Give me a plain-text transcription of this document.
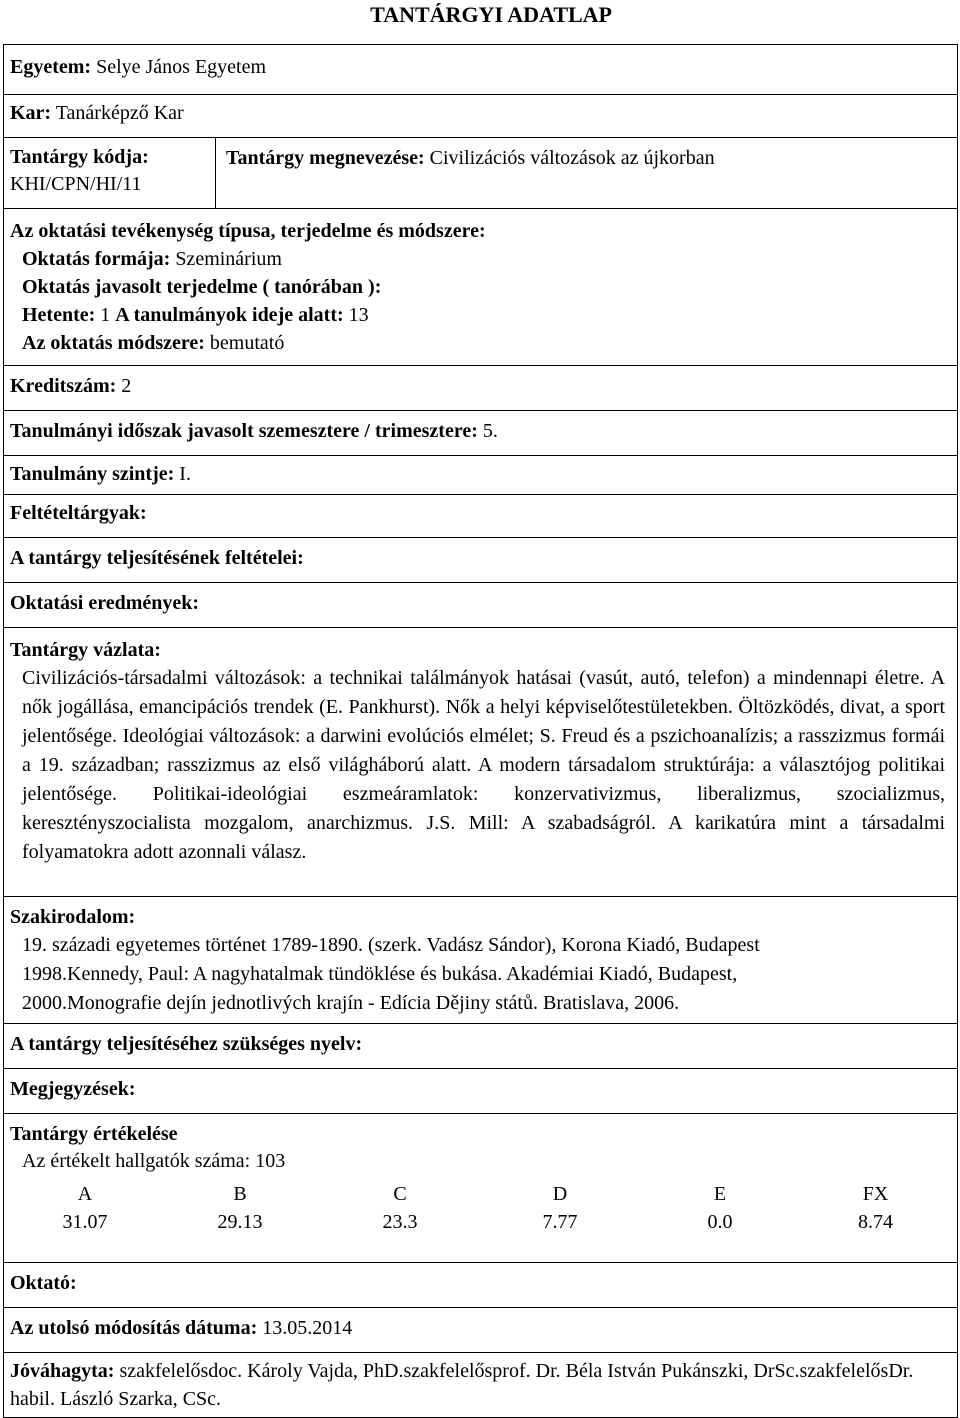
TANTÁRGYI ADATLAP
Egyetem: Selye János Egyetem
Kar: Tanárképző Kar
Tantárgy kódja:
KHI/CPN/HI/11	Tantárgy megnevezése: Civilizációs változások az újkorban
Az oktatási tevékenység típusa, terjedelme és módszere:

Oktatás formája: Szeminárium
Oktatás javasolt terjedelme ( tanórában ):
Hetente: 1 A tanulmányok ideje alatt: 13
Az oktatás módszere: bemutató

Kreditszám: 2
Tanulmányi időszak javasolt szemesztere / trimesztere: 5.
Tanulmány szintje: I.
Feltételtárgyak:
A tantárgy teljesítésének feltételei:
Oktatási eredmények:
Tantárgy vázlata:
Civilizációs-társadalmi változások: a technikai találmányok hatásai (vasút, autó, telefon) a mindennapi életre. A nők jogállása, emancipációs trendek (E. Pankhurst). Nők a helyi képviselőtestületekben. Öltözködés, divat, a sport jelentősége. Ideológiai változások: a darwini evolúciós elmélet; S. Freud és a pszichoanalízis; a rasszizmus formái a 19. században; rasszizmus az első világháború alatt. A modern társadalom struktúrája: a választójog politikai jelentősége. Politikai-ideológiai eszmeáramlatok: konzervativizmus, liberalizmus, szocializmus, keresztényszocialista mozgalom, anarchizmus. J.S. Mill: A szabadságról. A karikatúra mint a társadalmi folyamatokra adott azonnali válasz.

Szakirodalom:
19. századi egyetemes történet 1789-1890. (szerk. Vadász Sándor), Korona Kiadó, Budapest
1998.Kennedy, Paul: A nagyhatalmak tündöklése és bukása. Akadémiai Kiadó, Budapest,
2000.Monografie dejín jednotlivých krajín - Edícia Dějiny států. Bratislava, 2006.

A tantárgy teljesítéséhez szükséges nyelv:
Megjegyzések:
Tantárgy értékelése
Az értékelt hallgatók száma: 103
A	B	C	D	E	FX
31.07	29.13	23.3	7.77	0.0	8.74

Oktató:
Az utolsó módosítás dátuma: 13.05.2014
Jóváhagyta: szakfelelősdoc. Károly Vajda, PhD.szakfelelősprof. Dr. Béla István Pukánszki, DrSc.szakfelelősDr. habil. László Szarka, CSc.
